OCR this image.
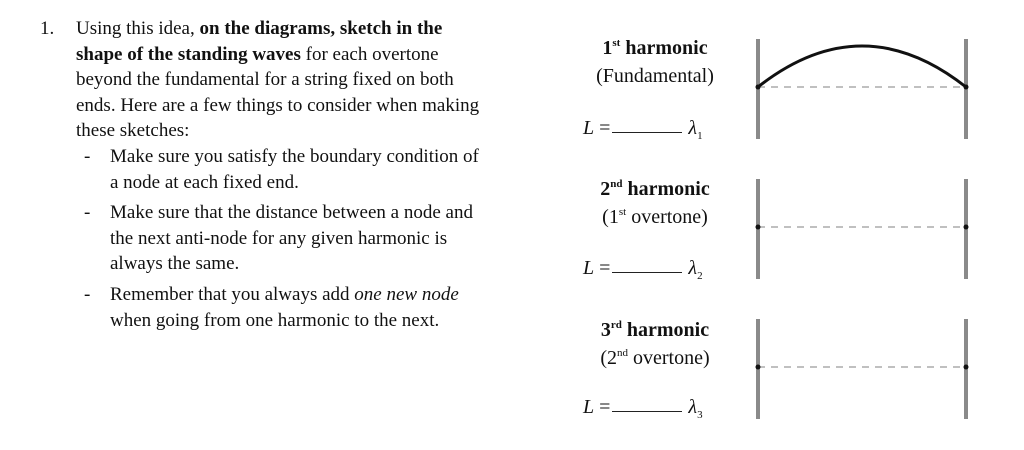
1. Using this idea, on the diagrams, sketch in the
shape of the standing waves for each overtone
beyond the fundamental for a string fixed on both
ends. Here are a few things to consider when making
these sketches:
- Make sure you satisfy the boundary condition of
a node at each fixed end.
- Make sure that the distance between a node and
the next anti-node for any given harmonic is
always the same.
- Remember that you always add one new node
when going from one harmonic to the next.
1st harmonic
(Fundamental)
L =	$\lambda_1$
2nd harmonic
(1st overtone)
L =	$\lambda_2$
3rd harmonic
(2nd overtone)
L =	$\lambda_3$
